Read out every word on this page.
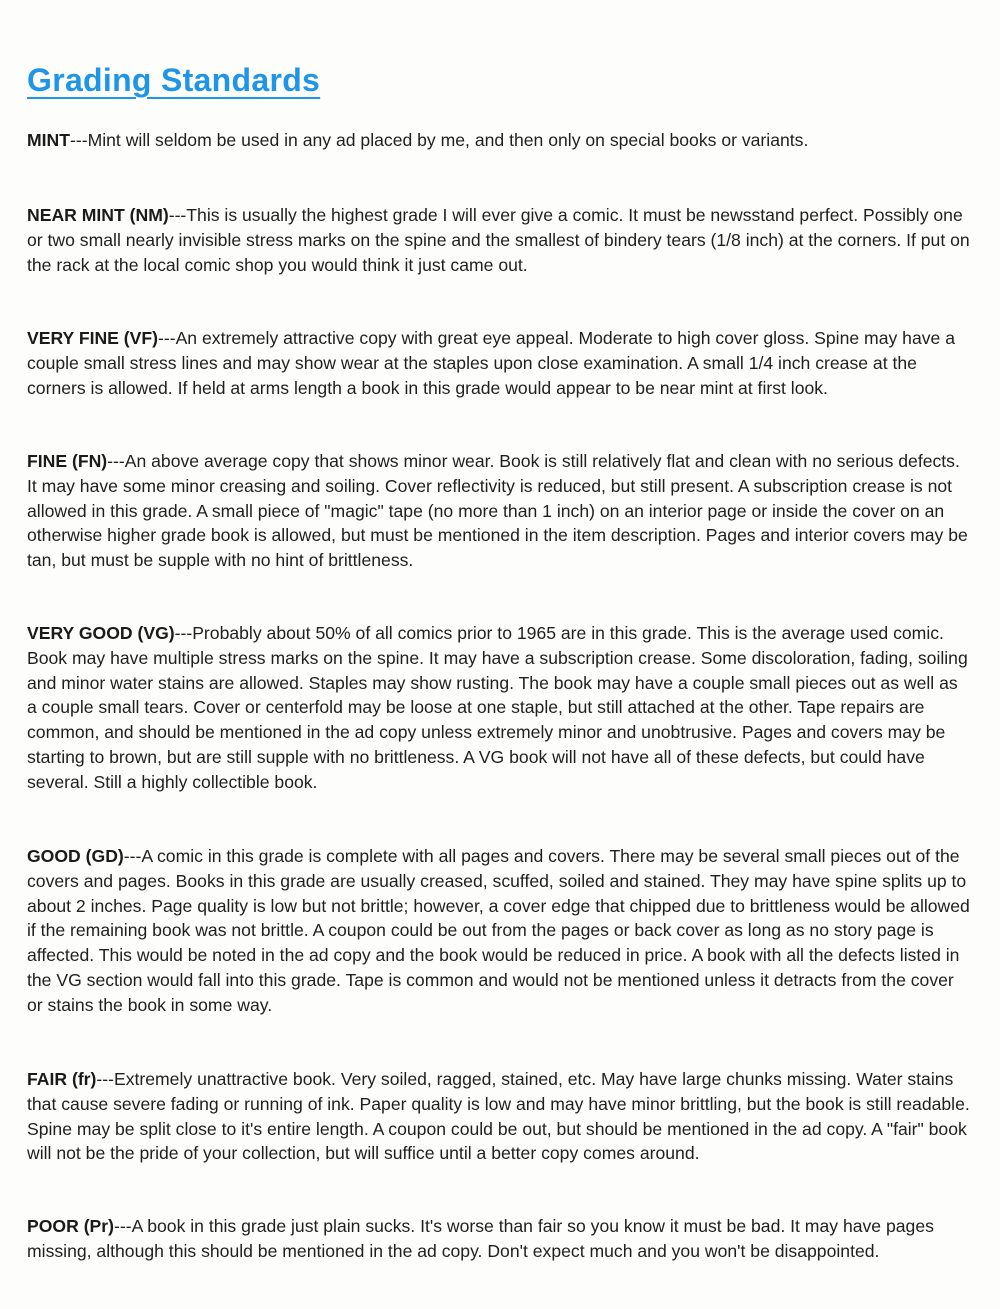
Grading Standards

MINT---Mint will seldom be used in any ad placed by me, and then only on special books or variants.

NEAR MINT (NM)---This is usually the highest grade I will ever give a comic. It must be newsstand perfect. Possibly one or two small nearly invisible stress marks on the spine and the smallest of bindery tears (1/8 inch) at the corners. If put on the rack at the local comic shop you would think it just came out.

VERY FINE (VF)---An extremely attractive copy with great eye appeal. Moderate to high cover gloss. Spine may have a couple small stress lines and may show wear at the staples upon close examination. A small 1/4 inch crease at the corners is allowed. If held at arms length a book in this grade would appear to be near mint at first look.

FINE (FN)---An above average copy that shows minor wear. Book is still relatively flat and clean with no serious defects. It may have some minor creasing and soiling. Cover reflectivity is reduced, but still present. A subscription crease is not allowed in this grade. A small piece of "magic" tape (no more than 1 inch) on an interior page or inside the cover on an otherwise higher grade book is allowed, but must be mentioned in the item description. Pages and interior covers may be tan, but must be supple with no hint of brittleness.

VERY GOOD (VG)---Probably about 50% of all comics prior to 1965 are in this grade. This is the average used comic. Book may have multiple stress marks on the spine. It may have a subscription crease. Some discoloration, fading, soiling and minor water stains are allowed. Staples may show rusting. The book may have a couple small pieces out as well as a couple small tears. Cover or centerfold may be loose at one staple, but still attached at the other. Tape repairs are common, and should be mentioned in the ad copy unless extremely minor and unobtrusive. Pages and covers may be starting to brown, but are still supple with no brittleness. A VG book will not have all of these defects, but could have several. Still a highly collectible book.

GOOD (GD)---A comic in this grade is complete with all pages and covers. There may be several small pieces out of the covers and pages. Books in this grade are usually creased, scuffed, soiled and stained. They may have spine splits up to about 2 inches. Page quality is low but not brittle; however, a cover edge that chipped due to brittleness would be allowed if the remaining book was not brittle. A coupon could be out from the pages or back cover as long as no story page is affected. This would be noted in the ad copy and the book would be reduced in price. A book with all the defects listed in the VG section would fall into this grade. Tape is common and would not be mentioned unless it detracts from the cover or stains the book in some way.

FAIR (fr)---Extremely unattractive book. Very soiled, ragged, stained, etc. May have large chunks missing. Water stains that cause severe fading or running of ink. Paper quality is low and may have minor brittling, but the book is still readable. Spine may be split close to it's entire length. A coupon could be out, but should be mentioned in the ad copy. A "fair" book will not be the pride of your collection, but will suffice until a better copy comes around.

POOR (Pr)---A book in this grade just plain sucks. It's worse than fair so you know it must be bad. It may have pages missing, although this should be mentioned in the ad copy. Don't expect much and you won't be disappointed.
